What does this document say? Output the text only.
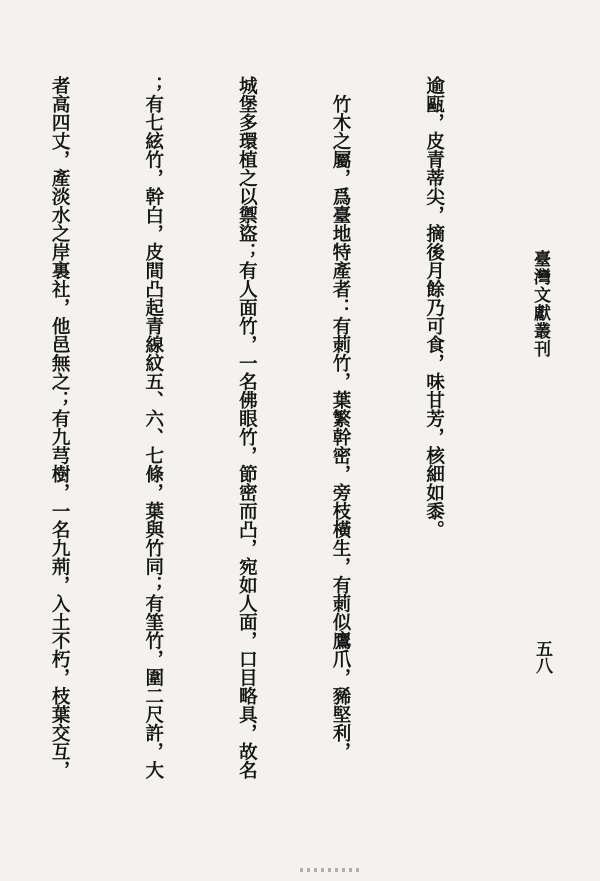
臺灣文獻叢刊
五八

逾甌，皮青蒂尖，摘後月餘乃可食，味甘芳，核細如黍。

　竹木之屬，爲臺地特產者：有莿竹，葉繁幹密，旁枝橫生，有莿似鷹爪，豨堅利，

城堡多環植之以禦盜；有人面竹，一名佛眼竹，節密而凸，宛如人面，口目略具，故名

；有七絃竹，幹白，皮間凸起青線紋五、六、七條，葉與竹同；有筀竹，圍二尺許，大

者高四丈，產淡水之岸裏社，他邑無之；有九芎樹，一名九荊，入土不朽，枝葉交互，
